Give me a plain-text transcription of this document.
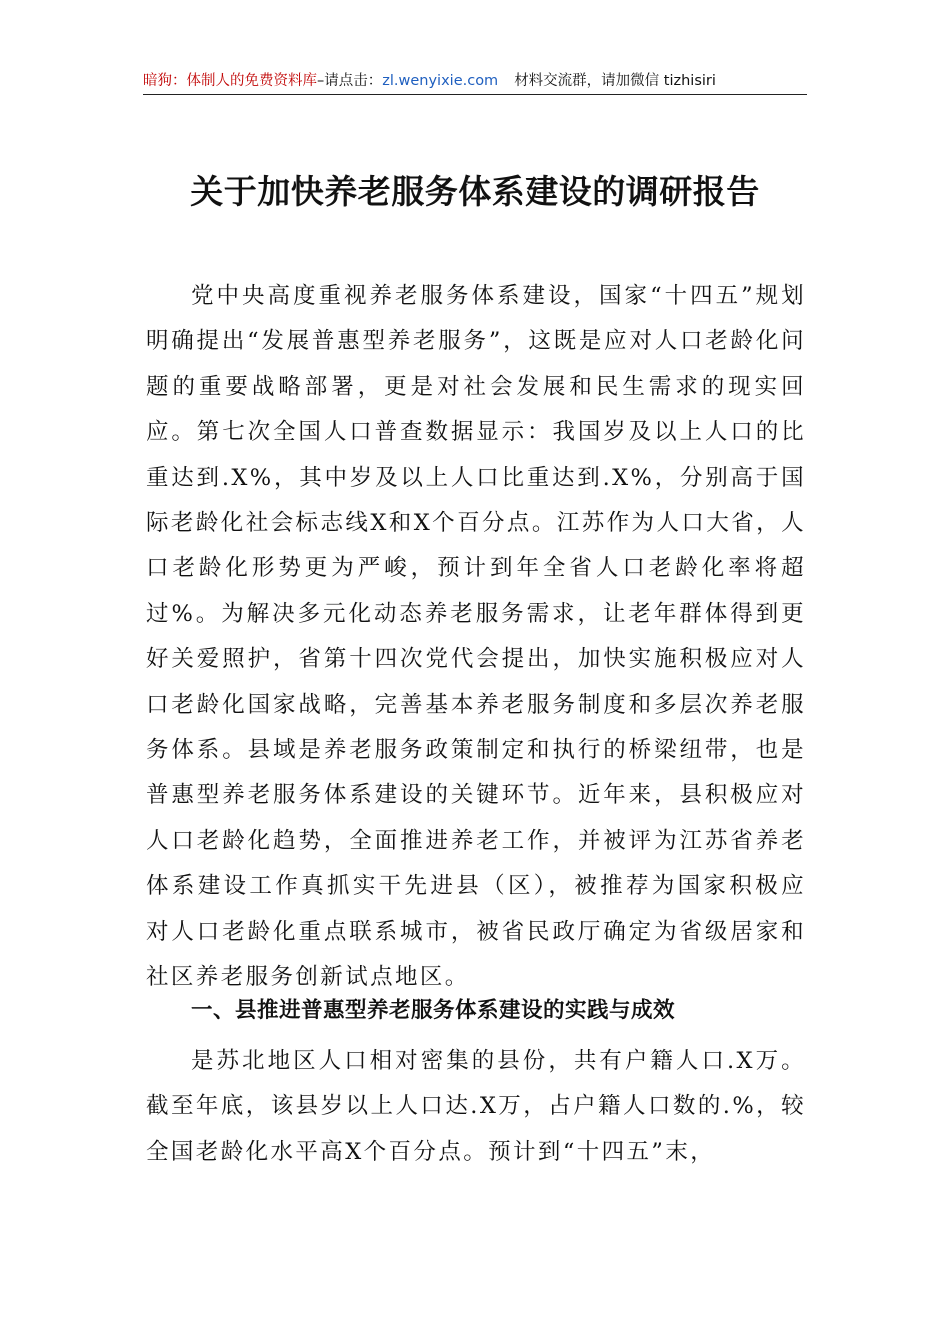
暗狗：体制人的免费资料库–请点击：zl.wenyixie.com 材料交流群，请加微信 tizhisiri
关于加快养老服务体系建设的调研报告

党中央高度重视养老服务体系建设，国家“十四五”规划明确提出“发展普惠型养老服务”，这既是应对人口老龄化问题的重要战略部署，更是对社会发展和民生需求的现实回应。第七次全国人口普查数据显示：我国岁及以上人口的比重达到.X%，其中岁及以上人口比重达到.X%，分别高于国际老龄化社会标志线X和X个百分点。江苏作为人口大省，人口老龄化形势更为严峻，预计到年全省人口老龄化率将超过%。为解决多元化动态养老服务需求，让老年群体得到更好关爱照护，省第十四次党代会提出，加快实施积极应对人口老龄化国家战略，完善基本养老服务制度和多层次养老服务体系。县域是养老服务政策制定和执行的桥梁纽带，也是普惠型养老服务体系建设的关键环节。近年来，县积极应对人口老龄化趋势，全面推进养老工作，并被评为江苏省养老体系建设工作真抓实干先进县（区），被推荐为国家积极应对人口老龄化重点联系城市，被省民政厅确定为省级居家和社区养老服务创新试点地区。

一、县推进普惠型养老服务体系建设的实践与成效

是苏北地区人口相对密集的县份，共有户籍人口.X万。截至年底，该县岁以上人口达.X万，占户籍人口数的.%，较全国老龄化水平高X个百分点。预计到“十四五”末，
